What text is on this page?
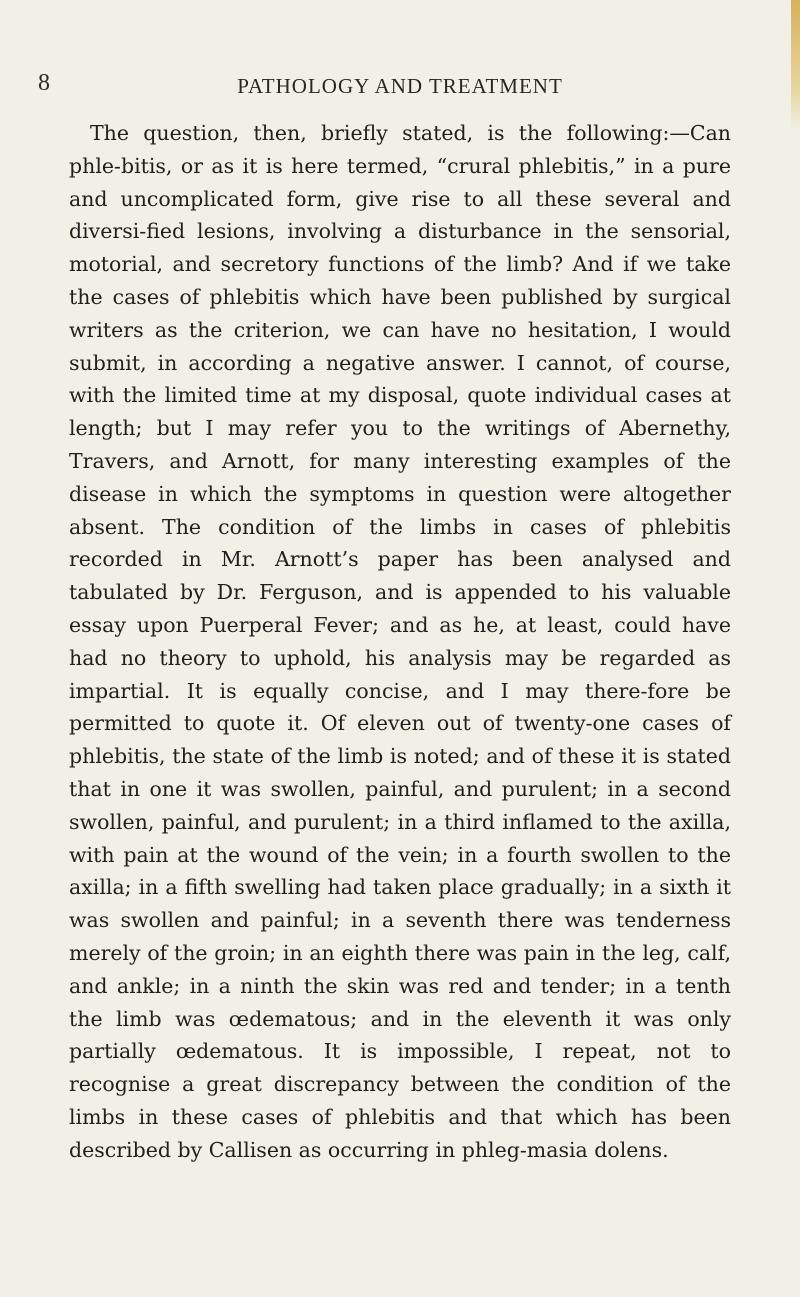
8	PATHOLOGY AND TREATMENT

The question, then, briefly stated, is the following:—Can phle-bitis, or as it is here termed, “crural phlebitis,” in a pure and uncomplicated form, give rise to all these several and diversi-fied lesions, involving a disturbance in the sensorial, motorial, and secretory functions of the limb? And if we take the cases of phlebitis which have been published by surgical writers as the criterion, we can have no hesitation, I would submit, in according a negative answer. I cannot, of course, with the limited time at my disposal, quote individual cases at length; but I may refer you to the writings of Abernethy, Travers, and Arnott, for many interesting examples of the disease in which the symptoms in question were altogether absent. The condition of the limbs in cases of phlebitis recorded in Mr. Arnott’s paper has been analysed and tabulated by Dr. Ferguson, and is appended to his valuable essay upon Puerperal Fever; and as he, at least, could have had no theory to uphold, his analysis may be regarded as impartial. It is equally concise, and I may there-fore be permitted to quote it. Of eleven out of twenty-one cases of phlebitis, the state of the limb is noted; and of these it is stated that in one it was swollen, painful, and purulent; in a second swollen, painful, and purulent; in a third inflamed to the axilla, with pain at the wound of the vein; in a fourth swollen to the axilla; in a fifth swelling had taken place gradually; in a sixth it was swollen and painful; in a seventh there was tenderness merely of the groin; in an eighth there was pain in the leg, calf, and ankle; in a ninth the skin was red and tender; in a tenth the limb was œdematous; and in the eleventh it was only partially œdematous. It is impossible, I repeat, not to recognise a great discrepancy between the condition of the limbs in these cases of phlebitis and that which has been described by Callisen as occurring in phleg-masia dolens.
